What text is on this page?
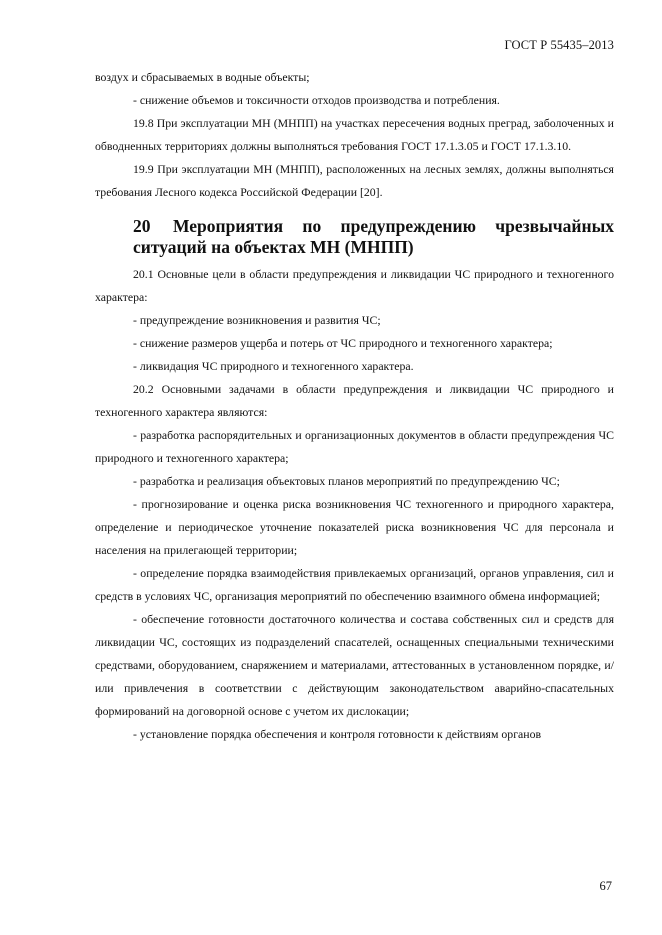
ГОСТ Р 55435–2013

воздух и сбрасываемых в водные объекты;

- снижение объемов и токсичности отходов производства и потребления.

19.8 При эксплуатации МН (МНПП) на участках пересечения водных преград, заболоченных и обводненных территориях должны выполняться требования ГОСТ 17.1.3.05 и ГОСТ 17.1.3.10.

19.9 При эксплуатации МН (МНПП), расположенных на лесных землях, должны выполняться требования Лесного кодекса Российской Федерации [20].

20 Мероприятия по предупреждению чрезвычайных ситуаций на объектах МН (МНПП)

20.1 Основные цели в области предупреждения и ликвидации ЧС природного и техногенного характера:

- предупреждение возникновения и развития ЧС;

- снижение размеров ущерба и потерь от ЧС природного и техногенного характера;

- ликвидация ЧС природного и техногенного характера.

20.2 Основными задачами в области предупреждения и ликвидации ЧС природного и техногенного характера являются:

- разработка распорядительных и организационных документов в области предупреждения ЧС природного и техногенного характера;

- разработка и реализация объектовых планов мероприятий по предупреждению ЧС;

- прогнозирование и оценка риска возникновения ЧС техногенного и природного характера, определение и периодическое уточнение показателей риска возникновения ЧС для персонала и населения на прилегающей территории;

- определение порядка взаимодействия привлекаемых организаций, органов управления, сил и средств в условиях ЧС, организация мероприятий по обеспечению взаимного обмена информацией;

- обеспечение готовности достаточного количества и состава собственных сил и средств для ликвидации ЧС, состоящих из подразделений спасателей, оснащенных специальными техническими средствами, оборудованием, снаряжением и материалами, аттестованных в установленном порядке, и/или привлечения в соответствии с действующим законодательством аварийно-спасательных формирований на договорной основе с учетом их дислокации;

- установление порядка обеспечения и контроля готовности к действиям органов

67
